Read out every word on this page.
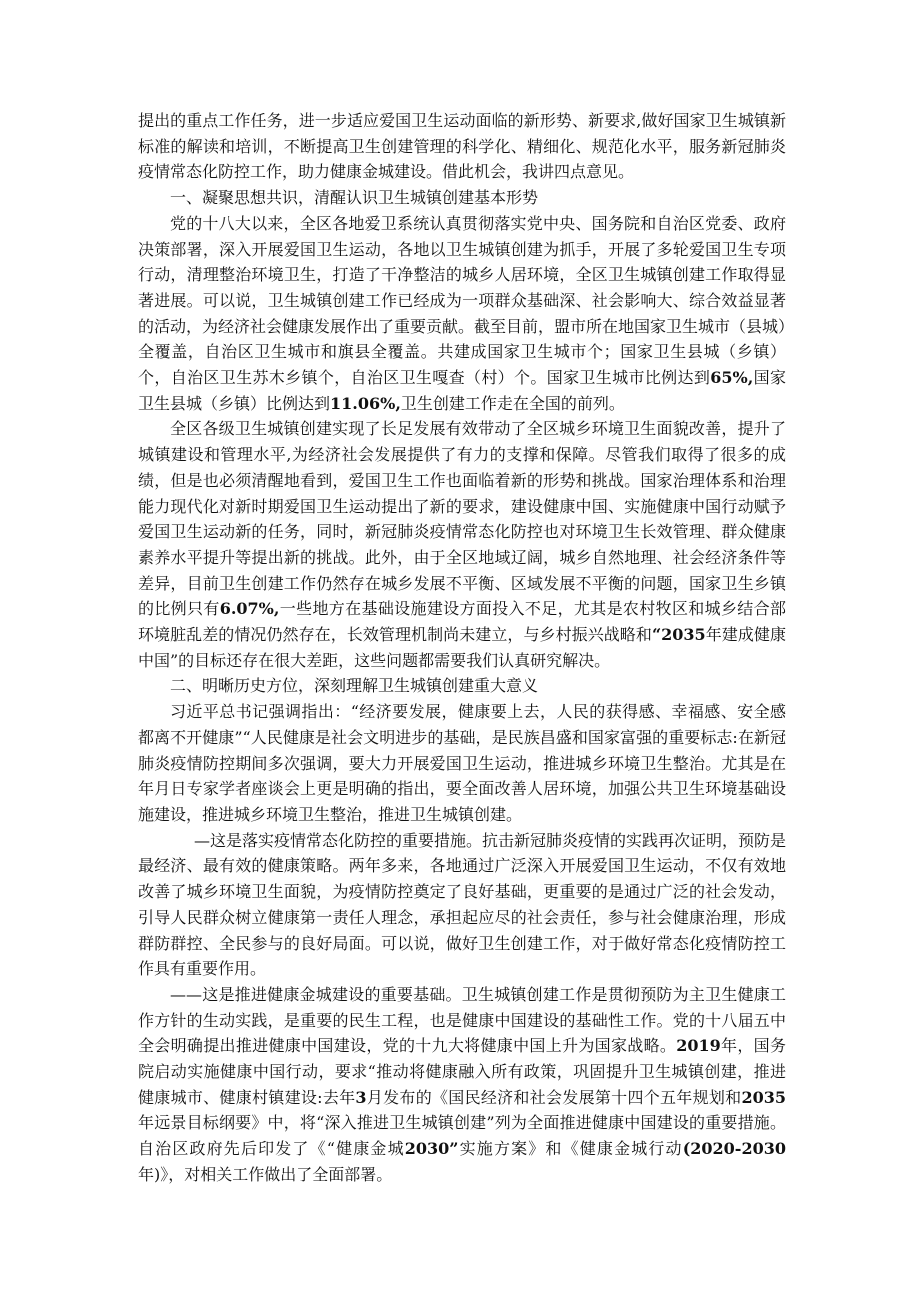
提出的重点工作任务，进一步适应爱国卫生运动面临的新形势、新要求,做好国家卫生城镇新标准的解读和培训，不断提高卫生创建管理的科学化、精细化、规范化水平，服务新冠肺炎疫情常态化防控工作，助力健康金城建设。借此机会，我讲四点意见。

一、凝聚思想共识，清醒认识卫生城镇创建基本形势

党的十八大以来，全区各地爱卫系统认真贯彻落实党中央、国务院和自治区党委、政府决策部署，深入开展爱国卫生运动，各地以卫生城镇创建为抓手，开展了多轮爱国卫生专项行动，清理整治环境卫生，打造了干净整洁的城乡人居环境，全区卫生城镇创建工作取得显著进展。可以说，卫生城镇创建工作已经成为一项群众基础深、社会影响大、综合效益显著的活动，为经济社会健康发展作出了重要贡献。截至目前，盟市所在地国家卫生城市（县城）全覆盖，自治区卫生城市和旗县全覆盖。共建成国家卫生城市个；国家卫生县城（乡镇）个，自治区卫生苏木乡镇个，自治区卫生嘎查（村）个。国家卫生城市比例达到65%,国家卫生县城（乡镇）比例达到11.06%,卫生创建工作走在全国的前列。

全区各级卫生城镇创建实现了长足发展有效带动了全区城乡环境卫生面貌改善，提升了城镇建设和管理水平,为经济社会发展提供了有力的支撑和保障。尽管我们取得了很多的成绩，但是也必须清醒地看到，爱国卫生工作也面临着新的形势和挑战。国家治理体系和治理能力现代化对新时期爱国卫生运动提出了新的要求，建设健康中国、实施健康中国行动赋予爱国卫生运动新的任务，同时，新冠肺炎疫情常态化防控也对环境卫生长效管理、群众健康素养水平提升等提出新的挑战。此外，由于全区地域辽阔，城乡自然地理、社会经济条件等差异，目前卫生创建工作仍然存在城乡发展不平衡、区域发展不平衡的问题，国家卫生乡镇的比例只有6.07%,一些地方在基础设施建设方面投入不足，尤其是农村牧区和城乡结合部环境脏乱差的情况仍然存在，长效管理机制尚未建立，与乡村振兴战略和“2035年建成健康中国”的目标还存在很大差距，这些问题都需要我们认真研究解决。

二、明晰历史方位，深刻理解卫生城镇创建重大意义

习近平总书记强调指出：“经济要发展，健康要上去，人民的获得感、幸福感、安全感都离不开健康”“人民健康是社会文明进步的基础，是民族昌盛和国家富强的重要标志:在新冠肺炎疫情防控期间多次强调，要大力开展爱国卫生运动，推进城乡环境卫生整治。尤其是在年月日专家学者座谈会上更是明确的指出，要全面改善人居环境，加强公共卫生环境基础设施建设，推进城乡环境卫生整治，推进卫生城镇创建。

—这是落实疫情常态化防控的重要措施。抗击新冠肺炎疫情的实践再次证明，预防是最经济、最有效的健康策略。两年多来，各地通过广泛深入开展爱国卫生运动，不仅有效地改善了城乡环境卫生面貌，为疫情防控奠定了良好基础，更重要的是通过广泛的社会发动，引导人民群众树立健康第一责任人理念，承担起应尽的社会责任，参与社会健康治理，形成群防群控、全民参与的良好局面。可以说，做好卫生创建工作，对于做好常态化疫情防控工作具有重要作用。

——这是推进健康金城建设的重要基础。卫生城镇创建工作是贯彻预防为主卫生健康工作方针的生动实践，是重要的民生工程，也是健康中国建设的基础性工作。党的十八届五中全会明确提出推进健康中国建设，党的十九大将健康中国上升为国家战略。2019年，国务院启动实施健康中国行动，要求“推动将健康融入所有政策，巩固提升卫生城镇创建，推进健康城市、健康村镇建设:去年3月发布的《国民经济和社会发展第十四个五年规划和2035年远景目标纲要》中，将“深入推进卫生城镇创建”列为全面推进健康中国建设的重要措施。自治区政府先后印发了《“健康金城2030”实施方案》和《健康金城行动(2020-2030年)》，对相关工作做出了全面部署。
